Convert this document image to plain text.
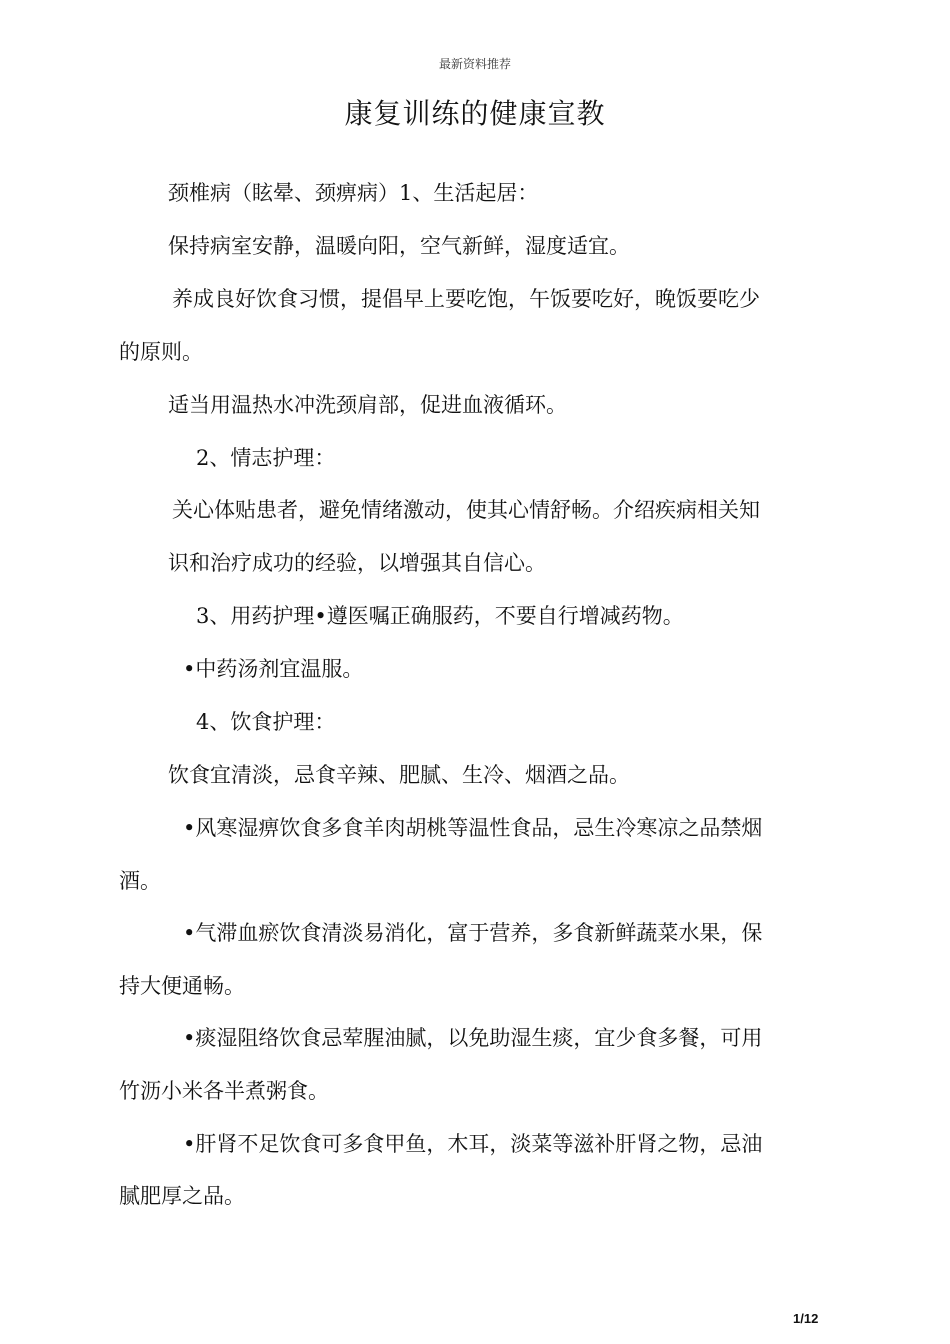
最新资料推荐
康复训练的健康宣教
颈椎病（眩晕、颈痹病）1、生活起居：
保持病室安静，温暖向阳，空气新鲜，湿度适宜。
养成良好饮食习惯，提倡早上要吃饱，午饭要吃好，晚饭要吃少
的原则。
适当用温热水冲洗颈肩部，促进血液循环。
2、情志护理：
关心体贴患者，避免情绪激动，使其心情舒畅。介绍疾病相关知
识和治疗成功的经验，以增强其自信心。
3、用药护理•遵医嘱正确服药，不要自行增减药物。
•中药汤剂宜温服。
4、饮食护理：
饮食宜清淡，忌食辛辣、肥腻、生冷、烟酒之品。
•风寒湿痹饮食多食羊肉胡桃等温性食品，忌生冷寒凉之品禁烟
酒。
•气滞血瘀饮食清淡易消化，富于营养，多食新鲜蔬菜水果，保
持大便通畅。
•痰湿阻络饮食忌荤腥油腻，以免助湿生痰，宜少食多餐，可用
竹沥小米各半煮粥食。
•肝肾不足饮食可多食甲鱼，木耳，淡菜等滋补肝肾之物，忌油
腻肥厚之品。
1/12
